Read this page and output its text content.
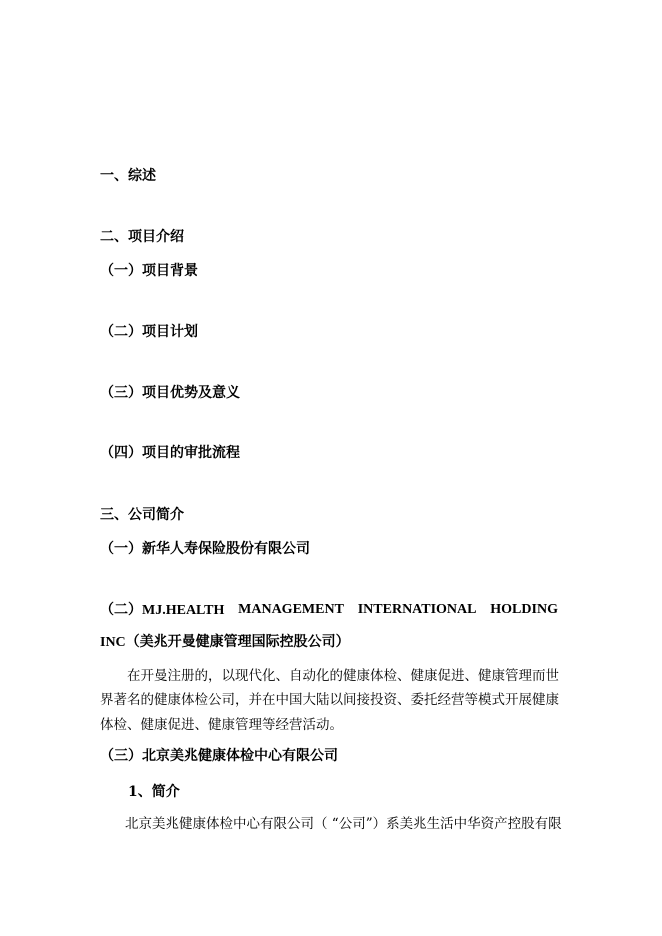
一、综述
二、项目介绍
（一）项目背景
（二）项目计划
（三）项目优势及意义
（四）项目的审批流程
三、公司简介
（一）新华人寿保险股份有限公司
（二）MJ.HEALTH MANAGEMENT INTERNATIONAL HOLDING
INC（美兆开曼健康管理国际控股公司）
在开曼注册的，以现代化、自动化的健康体检、健康促进、健康管理而世
界著名的健康体检公司，并在中国大陆以间接投资、委托经营等模式开展健康
体检、健康促进、健康管理等经营活动。
（三）北京美兆健康体检中心有限公司
1、简介
北京美兆健康体检中心有限公司（ “公司”）系美兆生活中华资产控股有限
